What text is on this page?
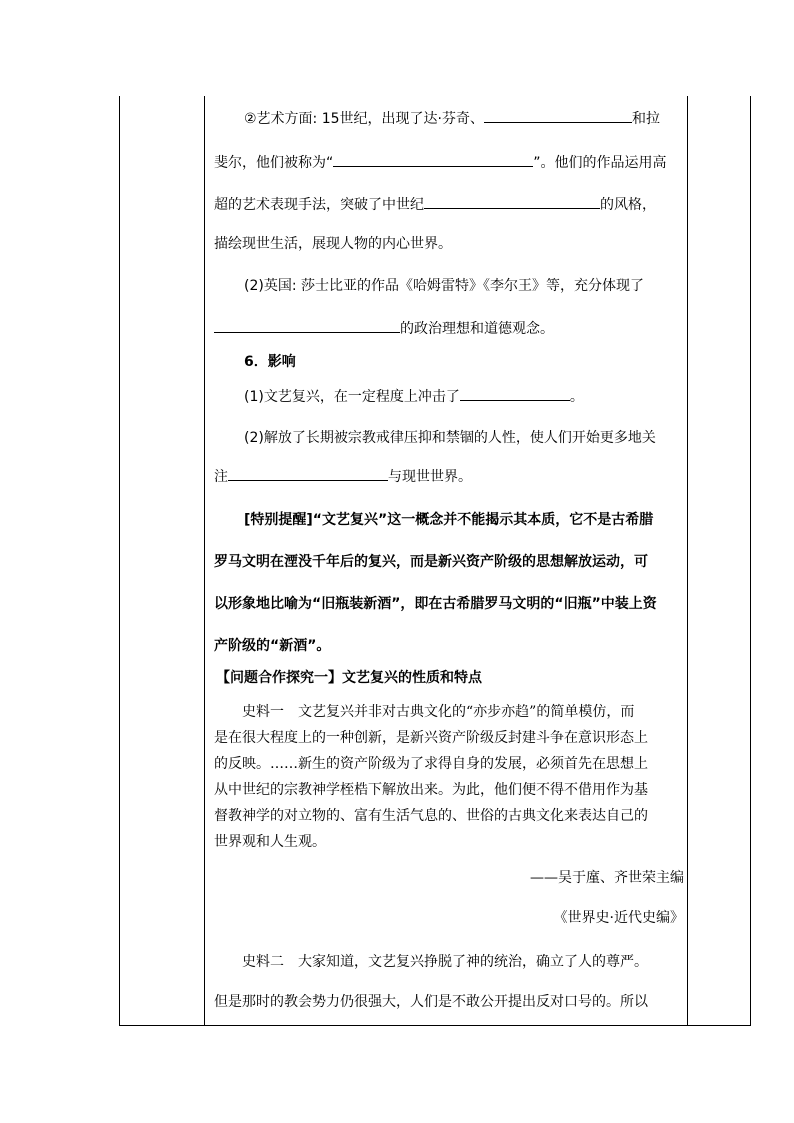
②艺术方面: 15世纪，出现了达·芬奇、	和拉
斐尔，他们被称为“	”。他们的作品运用高
超的艺术表现手法，突破了中世纪	的风格，
描绘现世生活，展现人物的内心世界。
(2)英国: 莎士比亚的作品《哈姆雷特》《李尔王》等，充分体现了
的政治理想和道德观念。
6．影响
(1)文艺复兴，在一定程度上冲击了	。
(2)解放了长期被宗教戒律压抑和禁锢的人性，使人们开始更多地关
注	与现世世界。
[特别提醒]“文艺复兴”这一概念并不能揭示其本质，它不是古希腊
罗马文明在湮没千年后的复兴，而是新兴资产阶级的思想解放运动，可
以形象地比喻为“旧瓶装新酒”，即在古希腊罗马文明的“旧瓶”中装上资
产阶级的“新酒”。
【问题合作探究一】文艺复兴的性质和特点
史料一　文艺复兴并非对古典文化的“亦步亦趋”的简单模仿，而
是在很大程度上的一种创新，是新兴资产阶级反封建斗争在意识形态上
的反映。……新生的资产阶级为了求得自身的发展，必须首先在思想上
从中世纪的宗教神学桎梏下解放出来。为此，他们便不得不借用作为基
督教神学的对立物的、富有生活气息的、世俗的古典文化来表达自己的
世界观和人生观。
——吴于廑、齐世荣主编
《世界史·近代史编》
史料二　大家知道，文艺复兴挣脱了神的统治，确立了人的尊严。
但是那时的教会势力仍很强大，人们是不敢公开提出反对口号的。所以
